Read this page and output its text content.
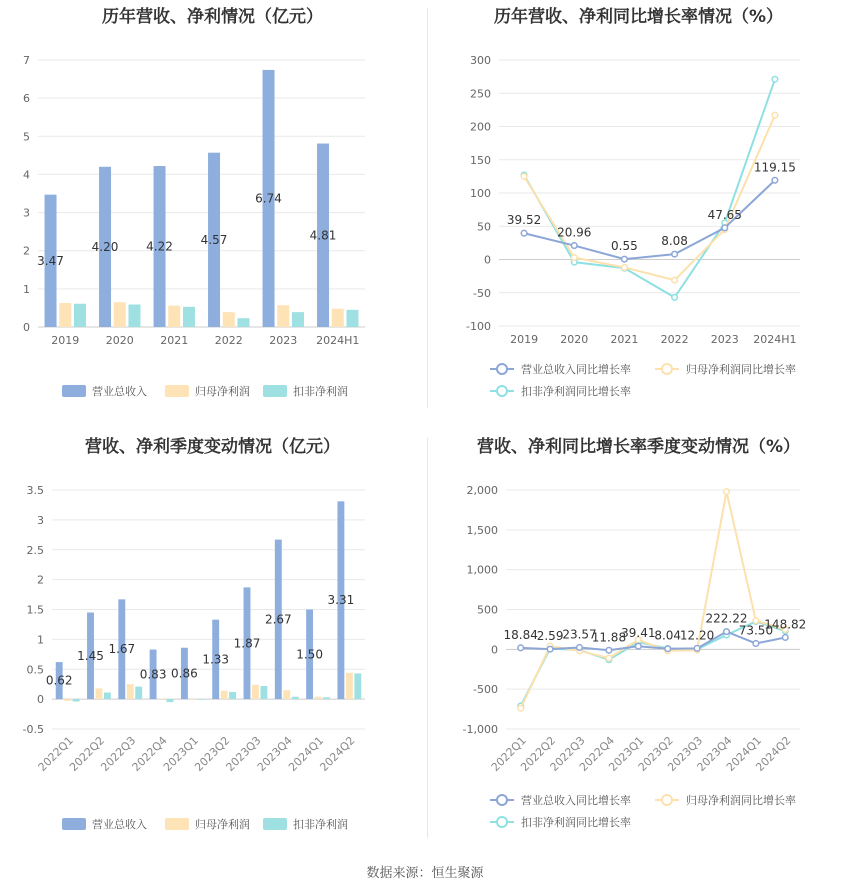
历年营收、净利情况（亿元）
0
1
2
3
4
5
6
7
2019 2020 2021 2022 2023 2024H1
3.47
4.20 4.22 4.57
6.74
4.81
营业总收入	归母净利润	扣非净利润
历年营收、净利同比增长率情况（%）
-100
-50
0
50
100
150
200
250
300
2019 2020 2021 2022 2023 2024H1
39.52
20.96
0.55 8.08
47.65
119.15
营业总收入同比增长率	归母净利润同比增长率
扣非净利润同比增长率
营收、净利季度变动情况（亿元）
-0.5
0
0.5
1
1.5
2
2.5
3
3.5
2022Q1
2022Q2
2022Q3
2022Q4
2023Q1
2023Q2
2023Q3
2023Q4
2024Q1
2024Q2
0.62
1.45 1.67
0.83 0.86
1.33
1.87
2.67
1.50
3.31
营业总收入	归母净利润	扣非净利润
营收、净利同比增长率季度变动情况（%）
-1,000
-500
0
500
1,000
1,500
2,000
2022Q1
2022Q2
2022Q3
2022Q4
2023Q1
2023Q2
2023Q3
2023Q4
2024Q1
2024Q2
18.84
2.59
23.57
11.88
39.41
8.04
12.20
222.22
73.50
148.82
营业总收入同比增长率	归母净利润同比增长率
扣非净利润同比增长率
数据来源：恒生聚源
